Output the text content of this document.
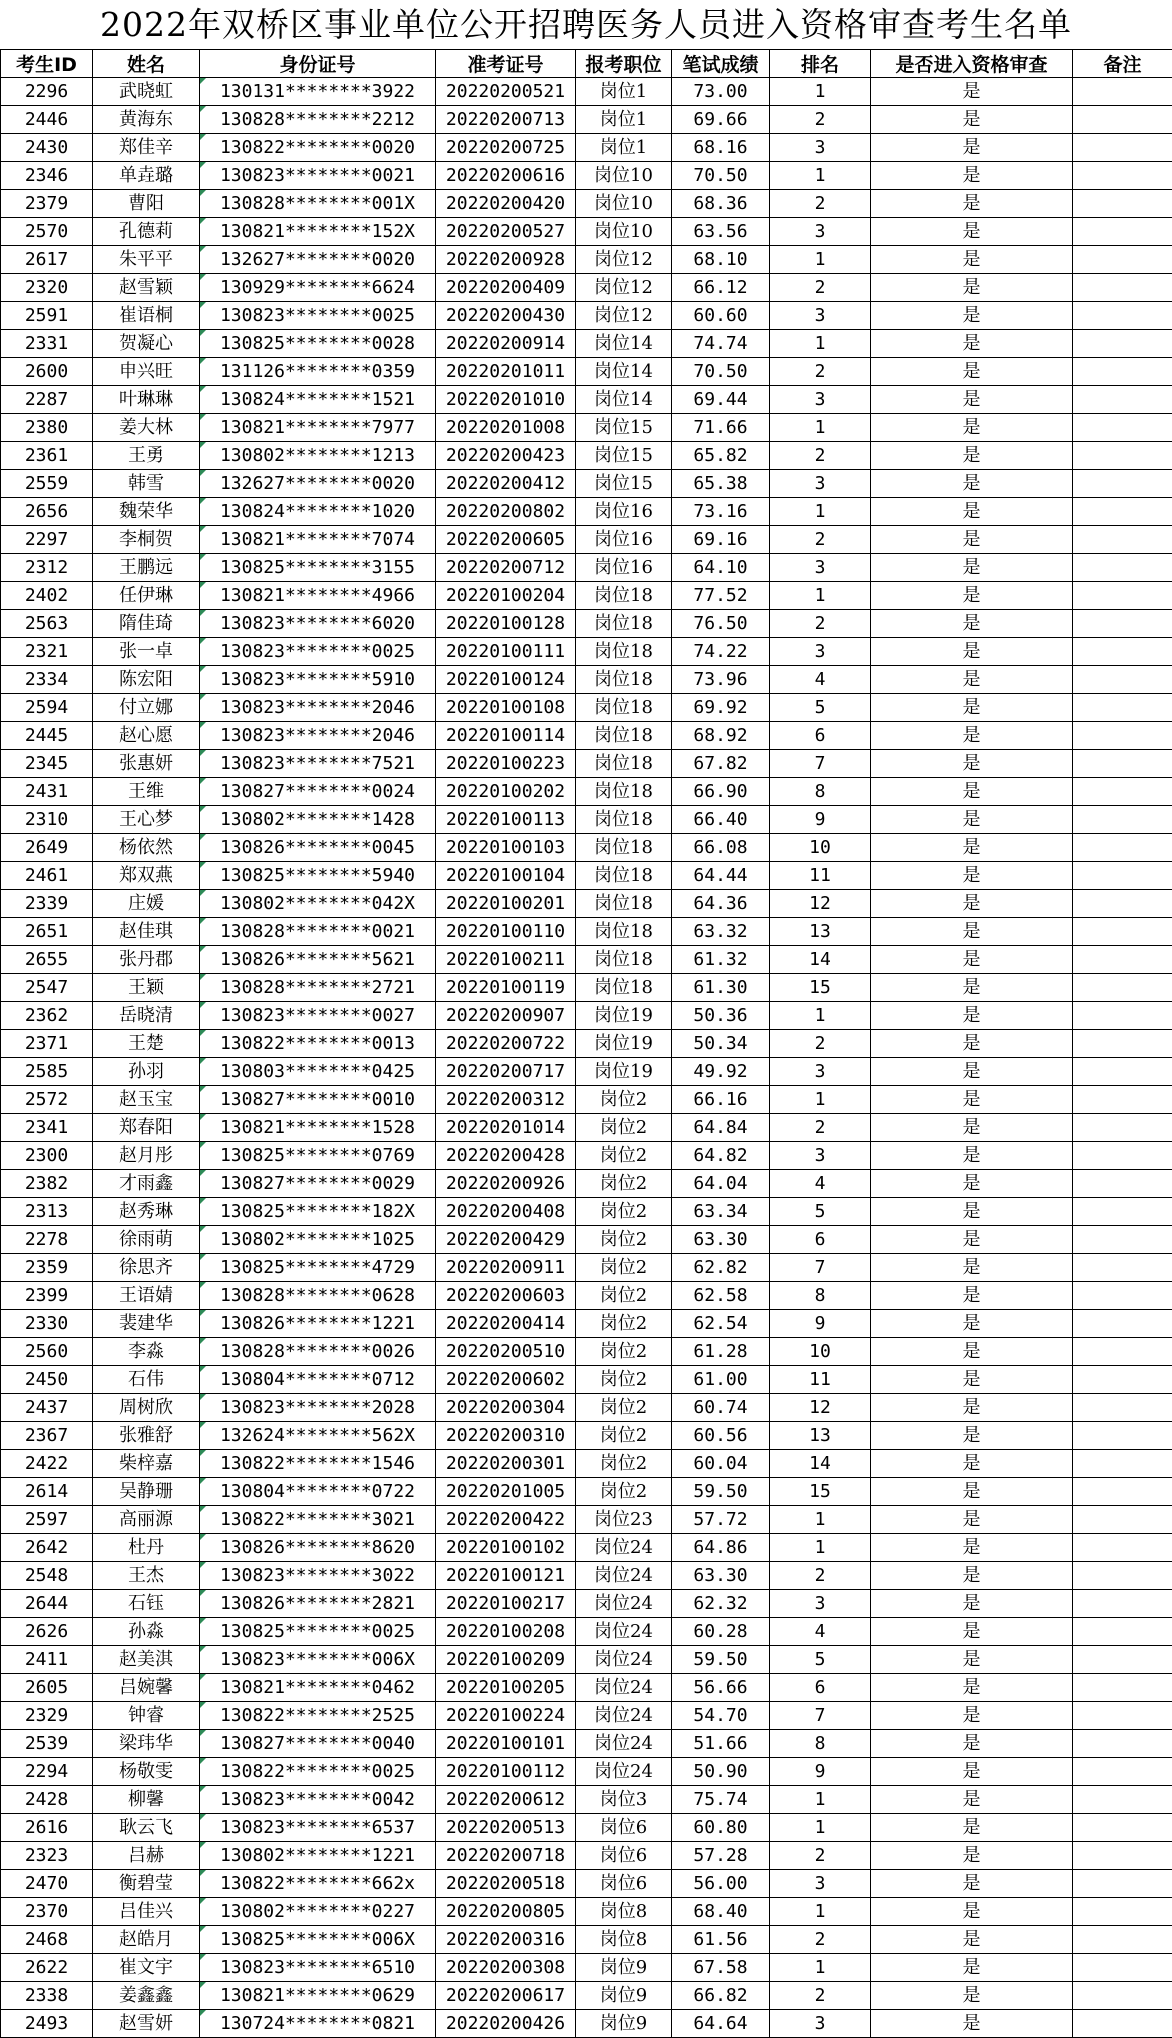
2022年双桥区事业单位公开招聘医务人员进入资格审查考生名单
考生ID	姓名	身份证号	准考证号	报考职位	笔试成绩	排名	是否进入资格审查	备注
2296	武晓虹	130131********3922	20220200521	岗位1	73.00	1	是	
2446	黄海东	130828********2212	20220200713	岗位1	69.66	2	是	
2430	郑佳辛	130822********0020	20220200725	岗位1	68.16	3	是	
2346	单垚璐	130823********0021	20220200616	岗位10	70.50	1	是	
2379	曹阳	130828********001X	20220200420	岗位10	68.36	2	是	
2570	孔德莉	130821********152X	20220200527	岗位10	63.56	3	是	
2617	朱平平	132627********0020	20220200928	岗位12	68.10	1	是	
2320	赵雪颖	130929********6624	20220200409	岗位12	66.12	2	是	
2591	崔语桐	130823********0025	20220200430	岗位12	60.60	3	是	
2331	贺凝心	130825********0028	20220200914	岗位14	74.74	1	是	
2600	申兴旺	131126********0359	20220201011	岗位14	70.50	2	是	
2287	叶琳琳	130824********1521	20220201010	岗位14	69.44	3	是	
2380	姜大林	130821********7977	20220201008	岗位15	71.66	1	是	
2361	王勇	130802********1213	20220200423	岗位15	65.82	2	是	
2559	韩雪	132627********0020	20220200412	岗位15	65.38	3	是	
2656	魏荣华	130824********1020	20220200802	岗位16	73.16	1	是	
2297	李桐贺	130821********7074	20220200605	岗位16	69.16	2	是	
2312	王鹏远	130825********3155	20220200712	岗位16	64.10	3	是	
2402	任伊琳	130821********4966	20220100204	岗位18	77.52	1	是	
2563	隋佳琦	130823********6020	20220100128	岗位18	76.50	2	是	
2321	张一卓	130823********0025	20220100111	岗位18	74.22	3	是	
2334	陈宏阳	130823********5910	20220100124	岗位18	73.96	4	是	
2594	付立娜	130823********2046	20220100108	岗位18	69.92	5	是	
2445	赵心愿	130823********2046	20220100114	岗位18	68.92	6	是	
2345	张惠妍	130823********7521	20220100223	岗位18	67.82	7	是	
2431	王维	130827********0024	20220100202	岗位18	66.90	8	是	
2310	王心梦	130802********1428	20220100113	岗位18	66.40	9	是	
2649	杨依然	130826********0045	20220100103	岗位18	66.08	10	是	
2461	郑双燕	130825********5940	20220100104	岗位18	64.44	11	是	
2339	庄媛	130802********042X	20220100201	岗位18	64.36	12	是	
2651	赵佳琪	130828********0021	20220100110	岗位18	63.32	13	是	
2655	张丹郡	130826********5621	20220100211	岗位18	61.32	14	是	
2547	王颖	130828********2721	20220100119	岗位18	61.30	15	是	
2362	岳晓清	130823********0027	20220200907	岗位19	50.36	1	是	
2371	王楚	130822********0013	20220200722	岗位19	50.34	2	是	
2585	孙羽	130803********0425	20220200717	岗位19	49.92	3	是	
2572	赵玉宝	130827********0010	20220200312	岗位2	66.16	1	是	
2341	郑春阳	130821********1528	20220201014	岗位2	64.84	2	是	
2300	赵月彤	130825********0769	20220200428	岗位2	64.82	3	是	
2382	才雨鑫	130827********0029	20220200926	岗位2	64.04	4	是	
2313	赵秀琳	130825********182X	20220200408	岗位2	63.34	5	是	
2278	徐雨萌	130802********1025	20220200429	岗位2	63.30	6	是	
2359	徐思齐	130825********4729	20220200911	岗位2	62.82	7	是	
2399	王语婧	130828********0628	20220200603	岗位2	62.58	8	是	
2330	裴建华	130826********1221	20220200414	岗位2	62.54	9	是	
2560	李淼	130828********0026	20220200510	岗位2	61.28	10	是	
2450	石伟	130804********0712	20220200602	岗位2	61.00	11	是	
2437	周树欣	130823********2028	20220200304	岗位2	60.74	12	是	
2367	张雅舒	132624********562X	20220200310	岗位2	60.56	13	是	
2422	柴梓嘉	130822********1546	20220200301	岗位2	60.04	14	是	
2614	吴静珊	130804********0722	20220201005	岗位2	59.50	15	是	
2597	高丽源	130822********3021	20220200422	岗位23	57.72	1	是	
2642	杜丹	130826********8620	20220100102	岗位24	64.86	1	是	
2548	王杰	130823********3022	20220100121	岗位24	63.30	2	是	
2644	石钰	130826********2821	20220100217	岗位24	62.32	3	是	
2626	孙淼	130825********0025	20220100208	岗位24	60.28	4	是	
2411	赵美淇	130823********006X	20220100209	岗位24	59.50	5	是	
2605	吕婉馨	130821********0462	20220100205	岗位24	56.66	6	是	
2329	钟睿	130822********2525	20220100224	岗位24	54.70	7	是	
2539	梁玮华	130827********0040	20220100101	岗位24	51.66	8	是	
2294	杨敬雯	130822********0025	20220100112	岗位24	50.90	9	是	
2428	柳馨	130823********0042	20220200612	岗位3	75.74	1	是	
2616	耿云飞	130823********6537	20220200513	岗位6	60.80	1	是	
2323	吕赫	130802********1221	20220200718	岗位6	57.28	2	是	
2470	衡碧莹	130822********662x	20220200518	岗位6	56.00	3	是	
2370	吕佳兴	130802********0227	20220200805	岗位8	68.40	1	是	
2468	赵皓月	130825********006X	20220200316	岗位8	61.56	2	是	
2622	崔文宇	130823********6510	20220200308	岗位9	67.58	1	是	
2338	姜鑫鑫	130821********0629	20220200617	岗位9	66.82	2	是	
2493	赵雪妍	130724********0821	20220200426	岗位9	64.64	3	是	
